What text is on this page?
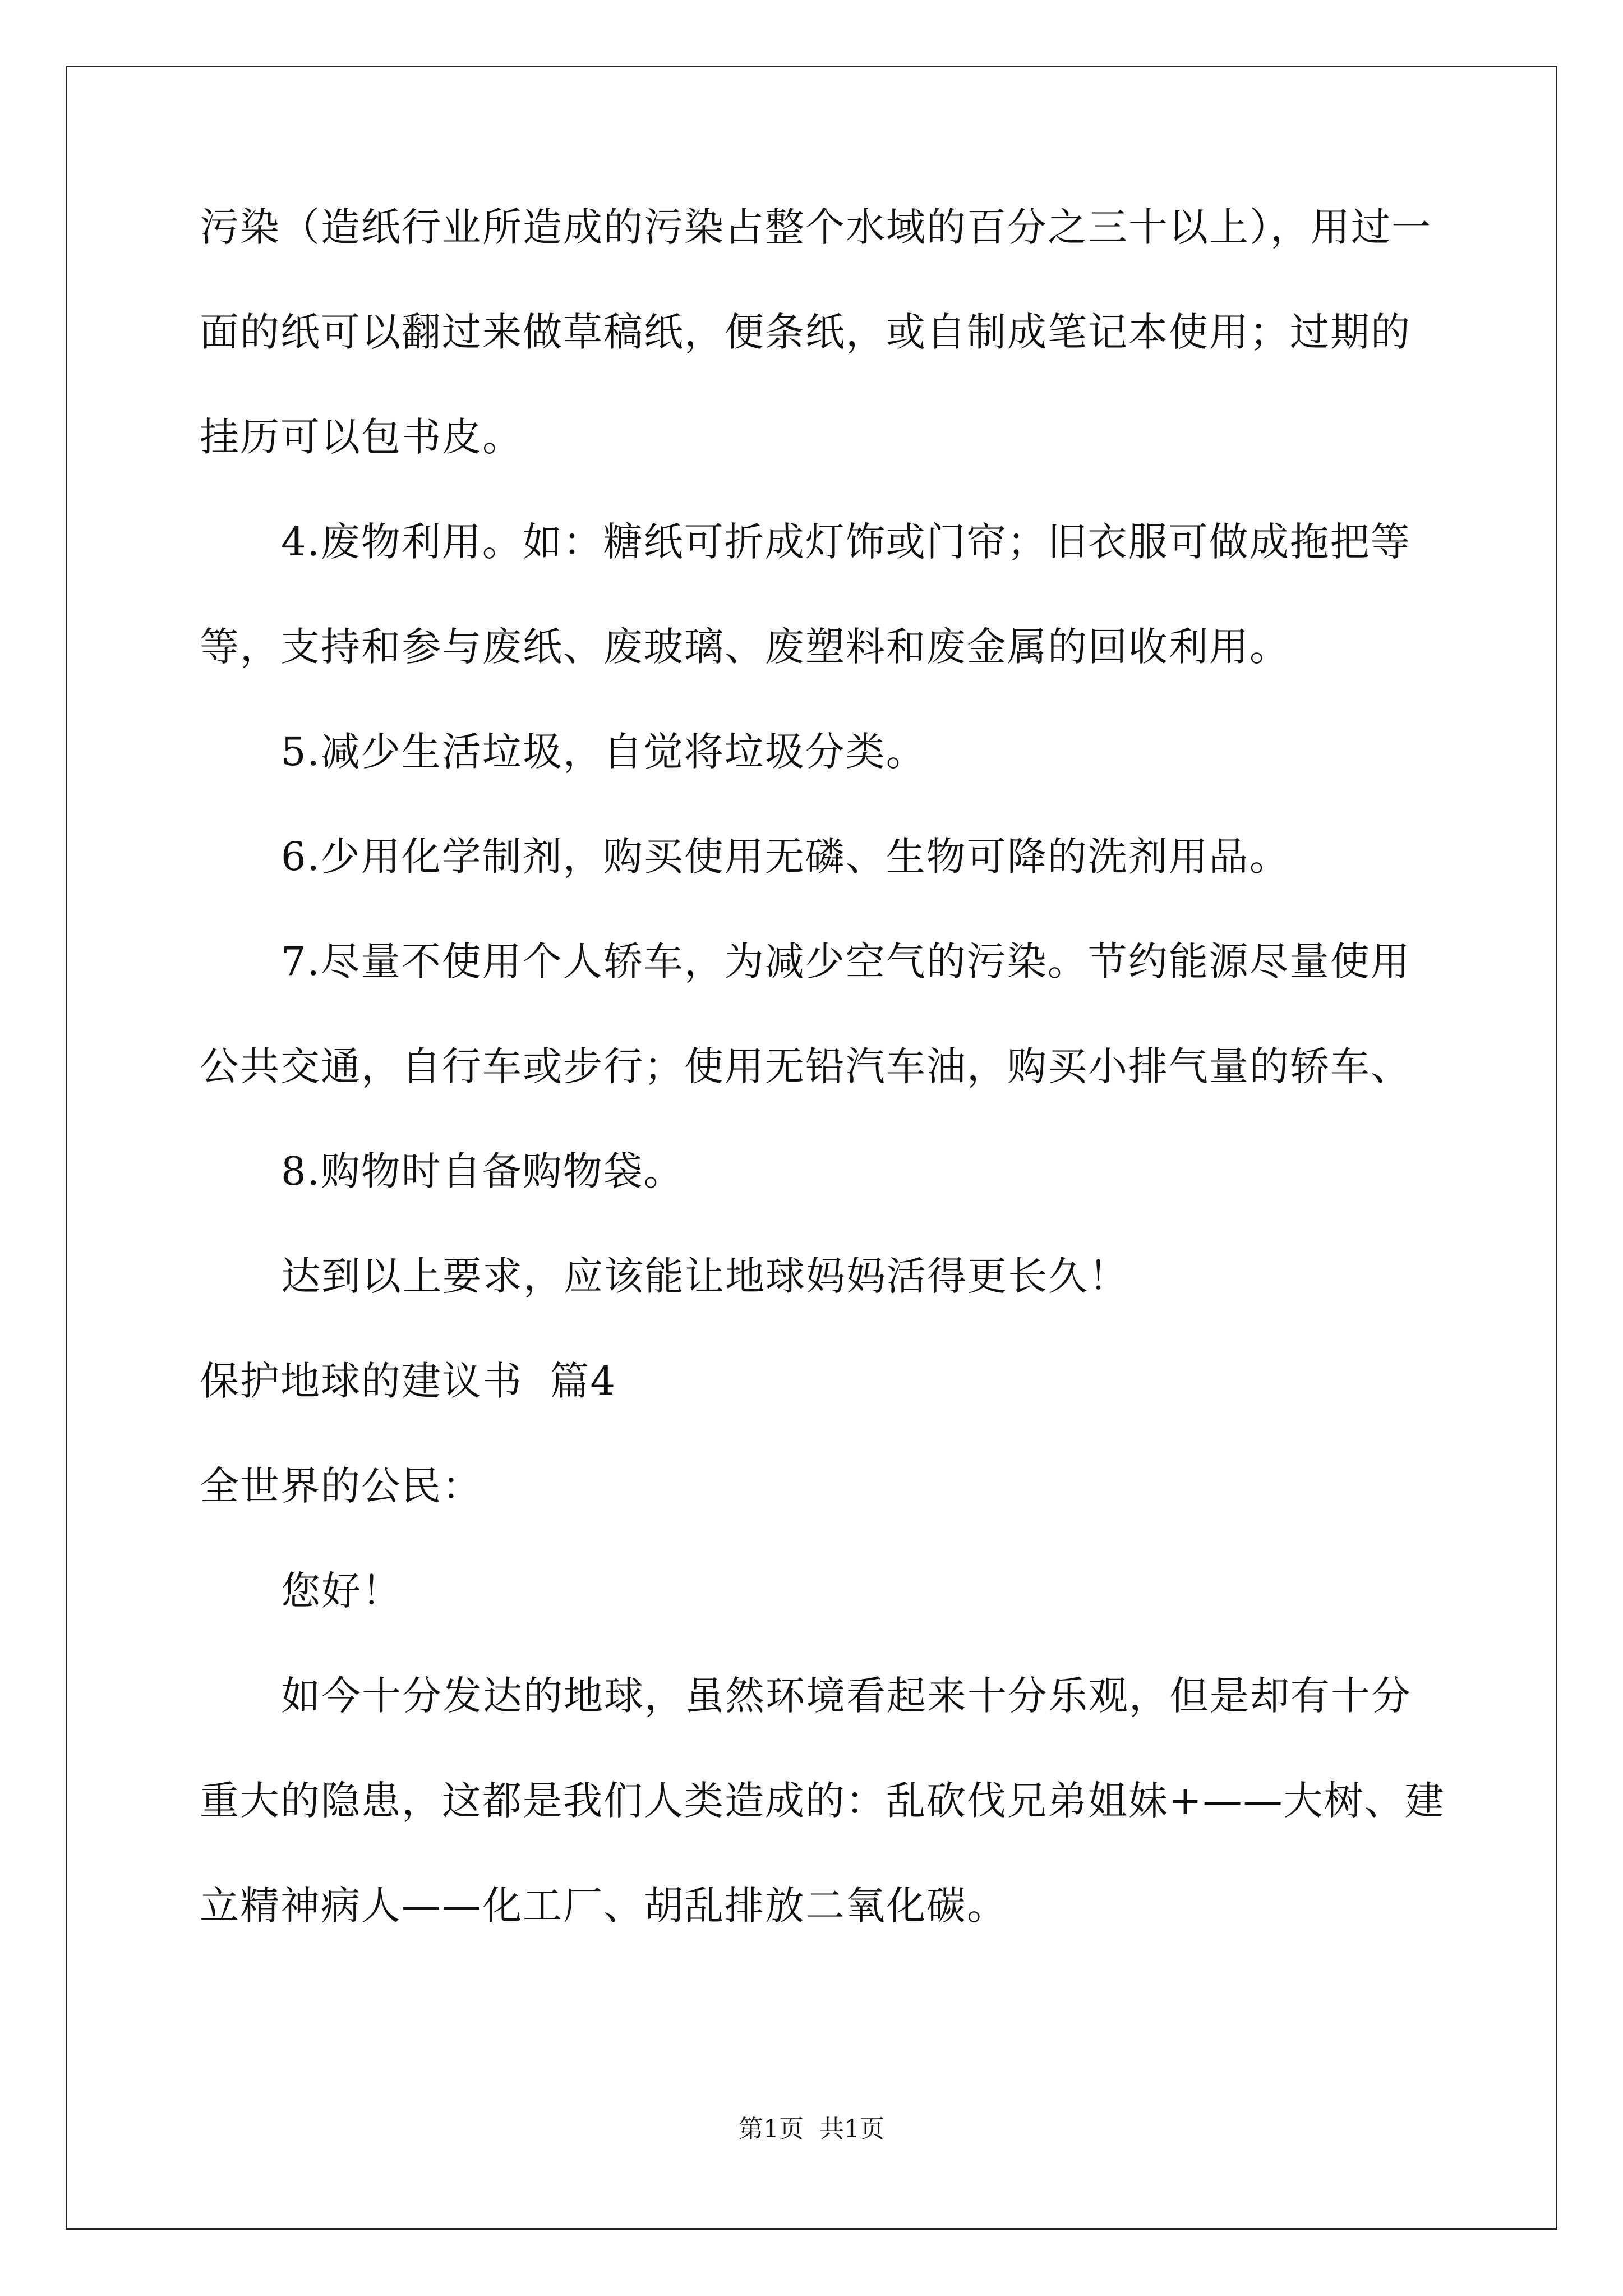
污染（造纸行业所造成的污染占整个水域的百分之三十以上），用过一
面的纸可以翻过来做草稿纸，便条纸，或自制成笔记本使用；过期的
挂历可以包书皮。
4.废物利用。如：糖纸可折成灯饰或门帘；旧衣服可做成拖把等
等，支持和参与废纸、废玻璃、废塑料和废金属的回收利用。
5.减少生活垃圾，自觉将垃圾分类。
6.少用化学制剂，购买使用无磷、生物可降的洗剂用品。
7.尽量不使用个人轿车，为减少空气的污染。节约能源尽量使用
公共交通，自行车或步行；使用无铅汽车油，购买小排气量的轿车、
8.购物时自备购物袋。
达到以上要求，应该能让地球妈妈活得更长久！
保护地球的建议书  篇4
全世界的公民：
您好！
如今十分发达的地球，虽然环境看起来十分乐观，但是却有十分
重大的隐患，这都是我们人类造成的：乱砍伐兄弟姐妹+——大树、建
立精神病人——化工厂、胡乱排放二氧化碳。
第1页  共1页
